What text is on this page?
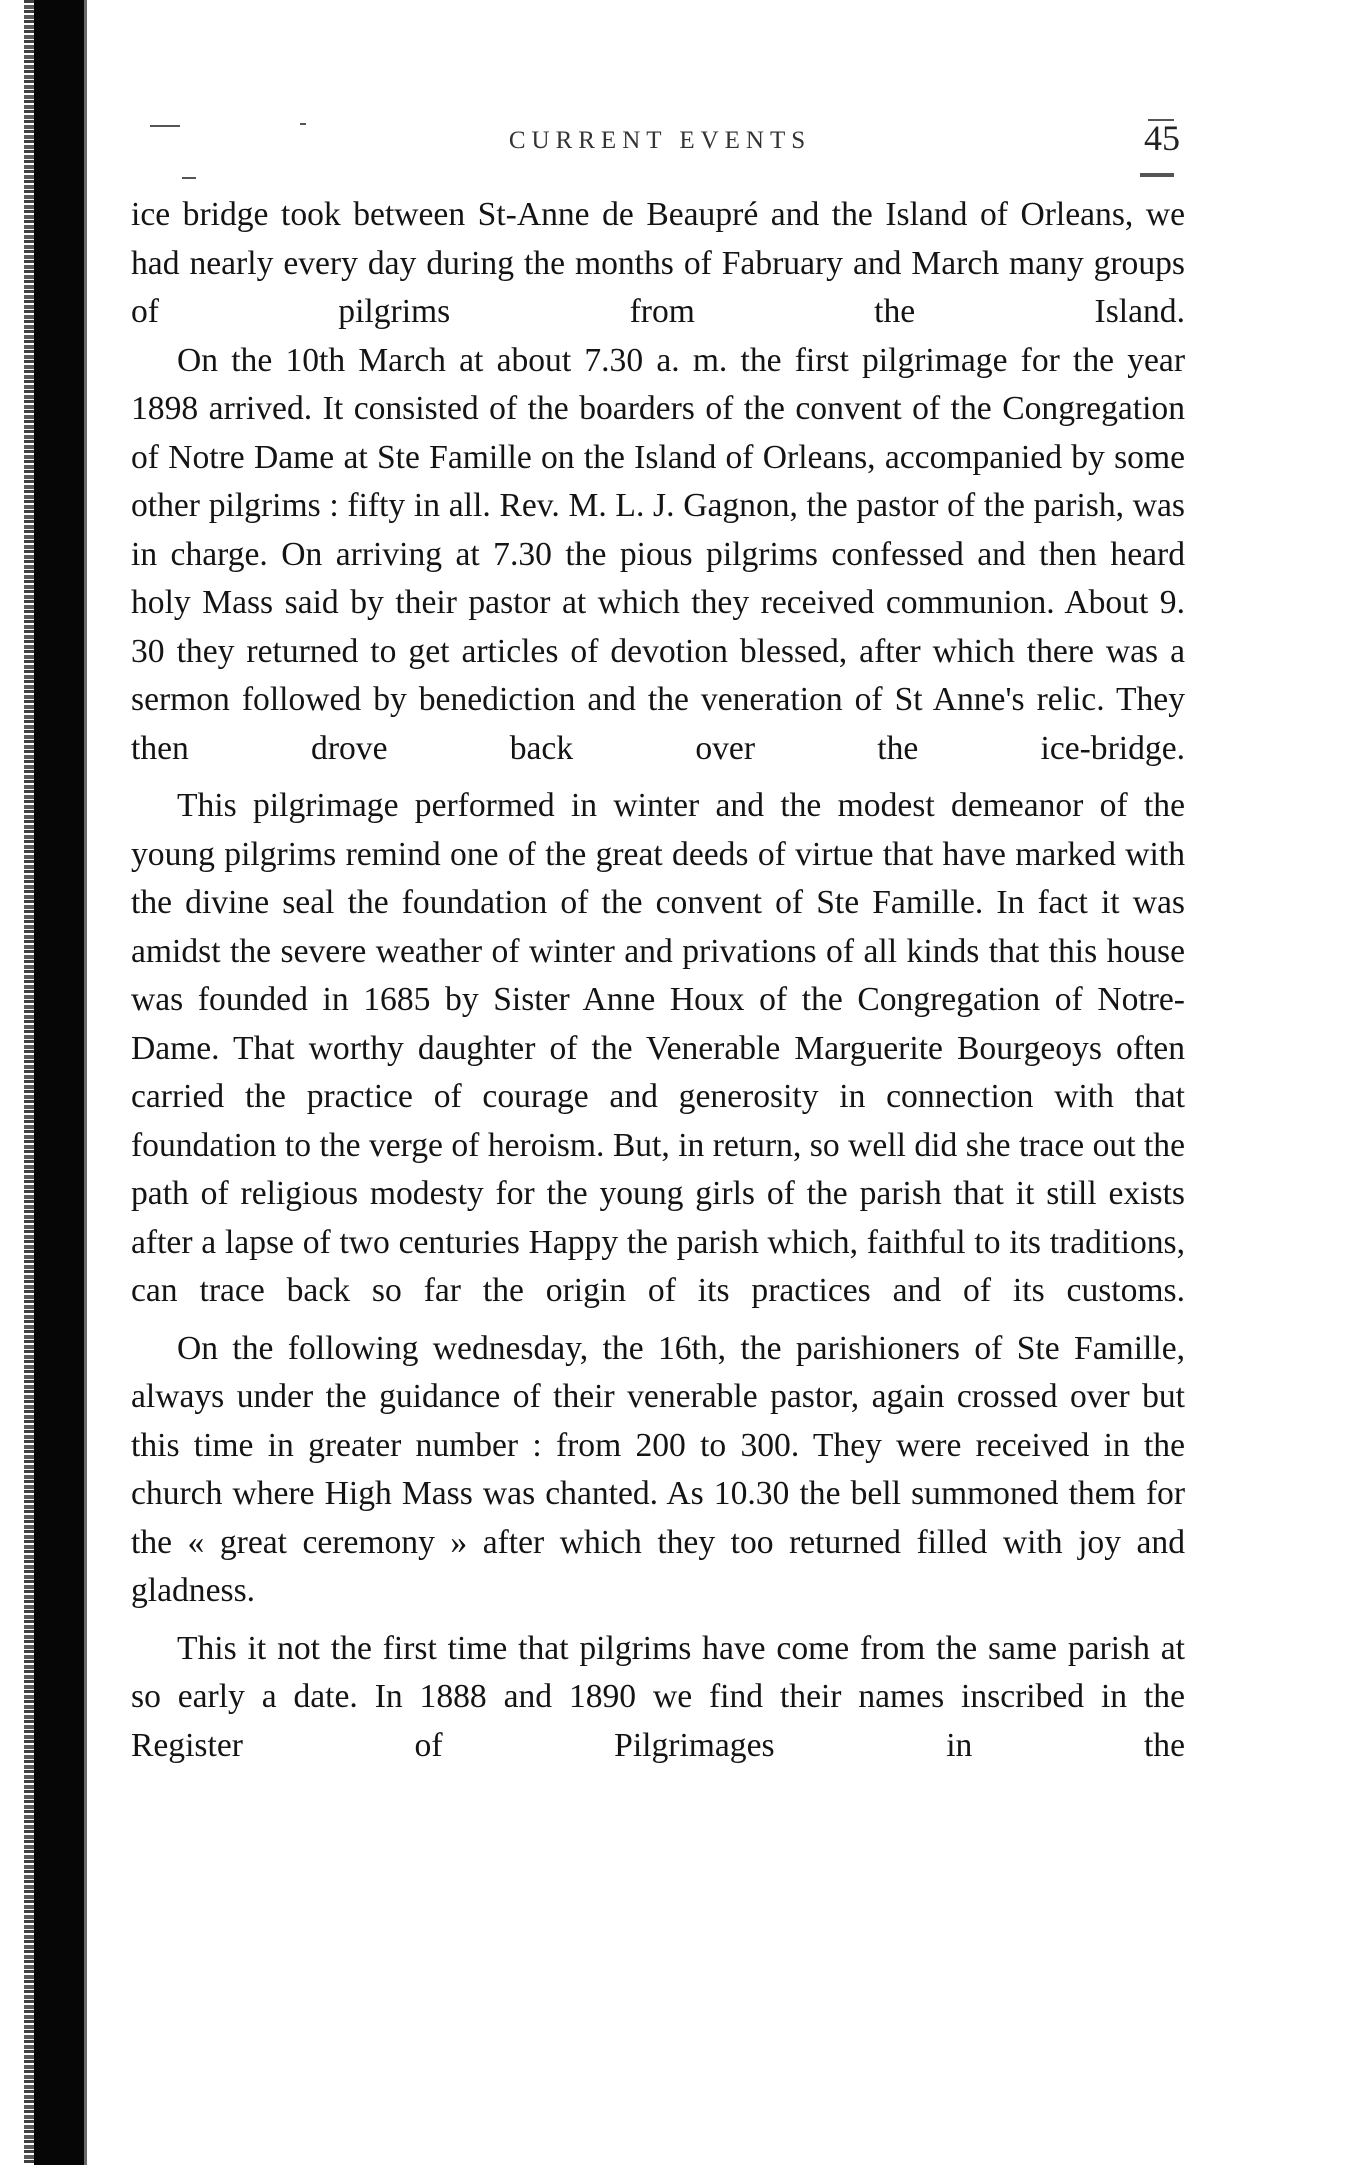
CURRENT EVENTS	45

ice bridge took between St-Anne de Beaupré and the Island of Orleans, we had nearly every day during the months of Fabruary and March many groups of pilgrims from the Island.

On the 10th March at about 7.30 a. m. the first pilgrimage for the year 1898 arrived. It consisted of the boarders of the convent of the Congregation of Notre Dame at Ste Famille on the Island of Orleans, accompanied by some other pilgrims : fifty in all. Rev. M. L. J. Gagnon, the pastor of the parish, was in charge. On arriving at 7.30 the pious pilgrims confessed and then heard holy Mass said by their pastor at which they received communion. About 9. 30 they returned to get articles of devotion blessed, after which there was a sermon followed by benediction and the veneration of St Anne's relic. They then drove back over the ice-bridge.

This pilgrimage performed in winter and the modest demeanor of the young pilgrims remind one of the great deeds of virtue that have marked with the divine seal the foundation of the convent of Ste Famille. In fact it was amidst the severe weather of winter and privations of all kinds that this house was founded in 1685 by Sister Anne Houx of the Congregation of Notre-Dame. That worthy daughter of the Venerable Marguerite Bourgeoys often carried the practice of courage and generosity in connection with that foundation to the verge of heroism. But, in return, so well did she trace out the path of religious modesty for the young girls of the parish that it still exists after a lapse of two centuries Happy the parish which, faithful to its traditions, can trace back so far the origin of its practices and of its customs.

On the following wednesday, the 16th, the parishioners of Ste Famille, always under the guidance of their venerable pastor, again crossed over but this time in greater number : from 200 to 300. They were received in the church where High Mass was chanted. As 10.30 the bell summoned them for the « great ceremony » after which they too returned filled with joy and gladness.

This it not the first time that pilgrims have come from the same parish at so early a date. In 1888 and 1890 we find their names inscribed in the Register of Pilgrimages in the
